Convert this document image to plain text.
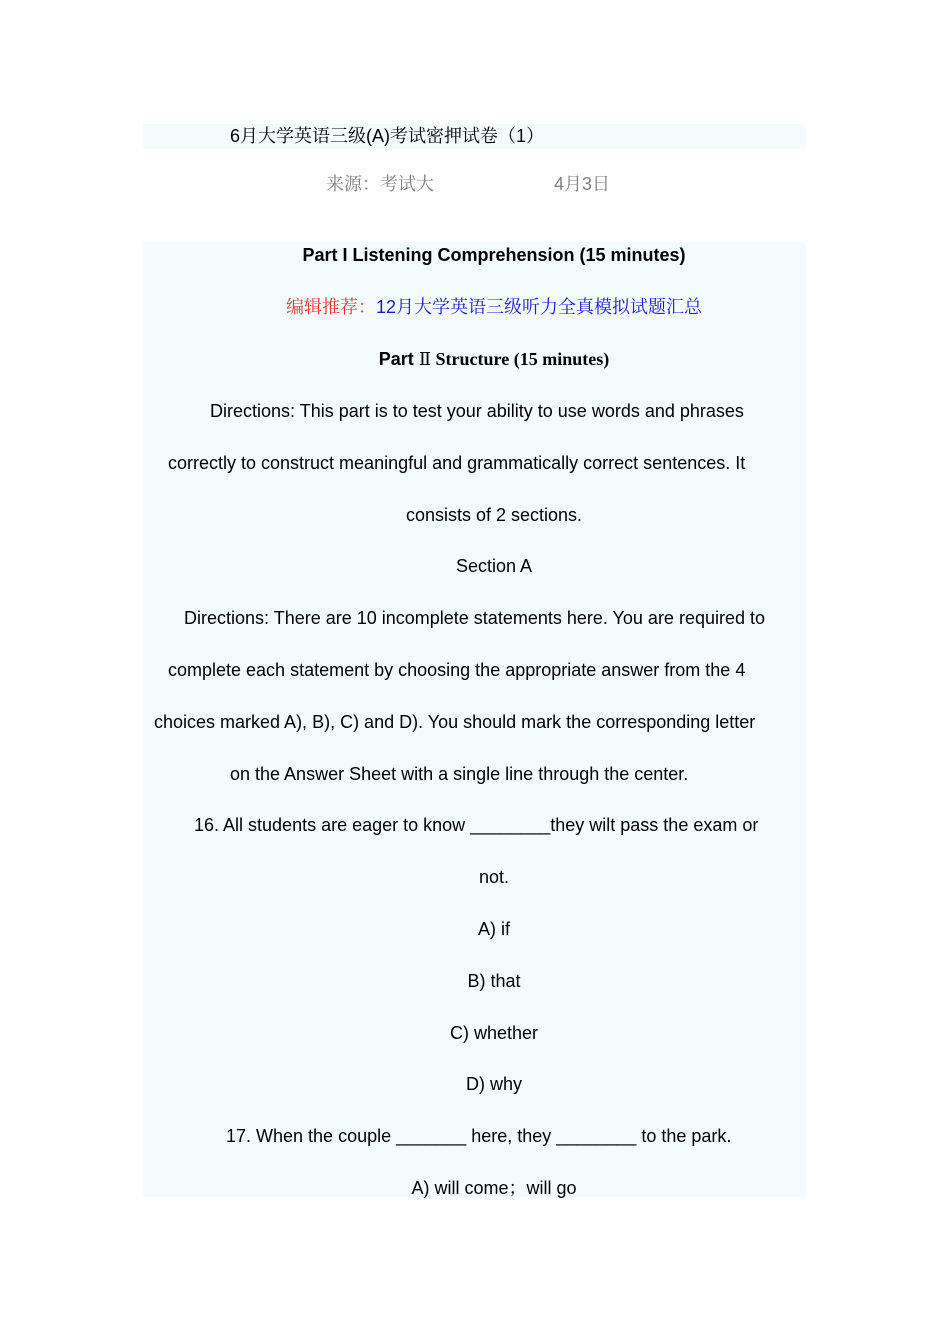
6月大学英语三级(A)考试密押试卷（1）
来源：考试大	4月3日
Part I Listening Comprehension (15 minutes)
编辑推荐：12月大学英语三级听力全真模拟试题汇总
Part Ⅱ Structure (15 minutes)
Directions: This part is to test your ability to use words and phrases
correctly to construct meaningful and grammatically correct sentences. It
consists of 2 sections.
Section A
Directions: There are 10 incomplete statements here. You are required to
complete each statement by choosing the appropriate answer from the 4
choices marked A), B), C) and D). You should mark the corresponding letter
on the Answer Sheet with a single line through the center.
16. All students are eager to know ________they wilt pass the exam or
not.
A) if
B) that
C) whether
D) why
17. When the couple _______ here, they ________ to the park.
A) will come；will go
